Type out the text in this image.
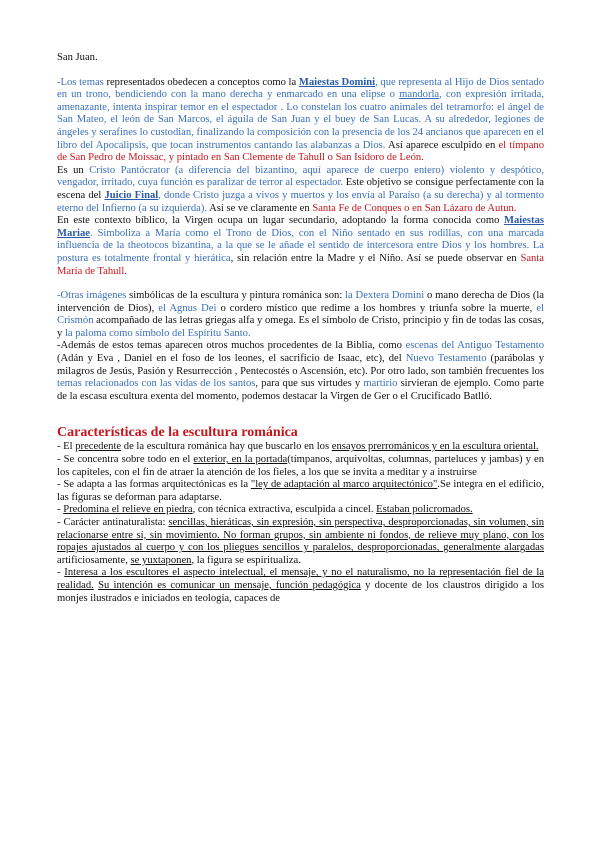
San Juan.

-Los temas representados obedecen a conceptos como la Maiestas Domini, que representa al Hijo de Dios sentado en un trono, bendiciendo con la mano derecha y enmarcado en una elipse o mandorla, con expresión irritada, amenazante, intenta inspirar temor en el espectador . Lo constelan los cuatro animales del tetramorfo: el ángel de San Mateo, el león de San Marcos, el águila de San Juan y el buey de San Lucas. A su alrededor, legiones de ángeles y serafines lo custodian, finalizando la composición con la presencia de los 24 ancianos que aparecen en el libro del Apocalipsis, que tocan instrumentos cantando las alabanzas a Dios. Así aparece esculpido en el tímpano de San Pedro de Moissac, y pintado en San Clemente de Tahull o San Isidoro de León.

Es un Cristo Pantócrator (a diferencia del bizantino, aquí aparece de cuerpo entero) violento y despótico, vengador, irritado, cuya función es paralizar de terror al espectador. Este objetivo se consigue perfectamente con la escena del Juicio Final, donde Cristo juzga a vivos y muertos y los envía al Paraíso (a su derecha) y al tormento eterno del Infierno (a su izquierda). Así se ve claramente en Santa Fe de Conques o en San Lázaro de Autun.

En este contexto bíblico, la Virgen ocupa un lugar secundario, adoptando la forma conocida como Maiestas Mariae. Simboliza a María como el Trono de Dios, con el Niño sentado en sus rodillas, con una marcada influencia de la theotocos bizantina, a la que se le añade el sentido de intercesora entre Dios y los hombres. La postura es totalmente frontal y hierática, sin relación entre la Madre y el Niño. Así se puede observar en Santa María de Tahull.

-Otras imágenes simbólicas de la escultura y pintura románica son: la Dextera Domini o mano derecha de Dios (la intervención de Dios), el Agnus Dei o cordero místico que redime a los hombres y triunfa sobre la muerte, el Crismón acompañado de las letras griegas alfa y omega. Es el símbolo de Cristo, principio y fin de todas las cosas, y la paloma como símbolo del Espíritu Santo.

-Además de estos temas aparecen otros muchos procedentes de la Biblia, como escenas del Antiguo Testamento (Adán y Eva , Daniel en el foso de los leones, el sacrificio de Isaac, etc), del Nuevo Testamento (parábolas y milagros de Jesús, Pasión y Resurrección , Pentecostés o Ascensión, etc). Por otro lado, son también frecuentes los temas relacionados con las vidas de los santos, para que sus virtudes y martirio sirvieran de ejemplo. Como parte de la escasa escultura exenta del momento, podemos destacar la Virgen de Ger o el Crucificado Batlló.

Características de la escultura románica

- El precedente de la escultura románica hay que buscarlo en los ensayos prerrománicos y en la escultura oriental.

- Se concentra sobre todo en el exterior, en la portada(tímpanos, arquivoltas, columnas, parteluces y jambas) y en los capiteles, con el fin de atraer la atención de los fieles, a los que se invita a meditar y a instruirse

- Se adapta a las formas arquitectónicas es la "ley de adaptación al marco arquitectónico".Se integra en el edificio, las figuras se deforman para adaptarse.

- Predomina el relieve en piedra, con técnica extractiva, esculpida a cincel. Estaban policromados.

- Carácter antinaturalista: sencillas, hieráticas, sin expresión, sin perspectiva, desproporcionadas, sin volumen, sin relacionarse entre sí, sin movimiento. No forman grupos, sin ambiente ni fondos, de relieve muy plano, con los ropajes ajustados al cuerpo y con los pliegues sencillos y paralelos, desproporcionadas, generalmente alargadas artificiosamente, se yuxtaponen, la figura se espiritualiza.

- Interesa a los escultores el aspecto intelectual, el mensaje, y no el naturalismo, no la representación fiel de la realidad. Su intención es comunicar un mensaje, función pedagógica y docente de los claustros dirigido a los monjes ilustrados e iniciados en teología, capaces de
